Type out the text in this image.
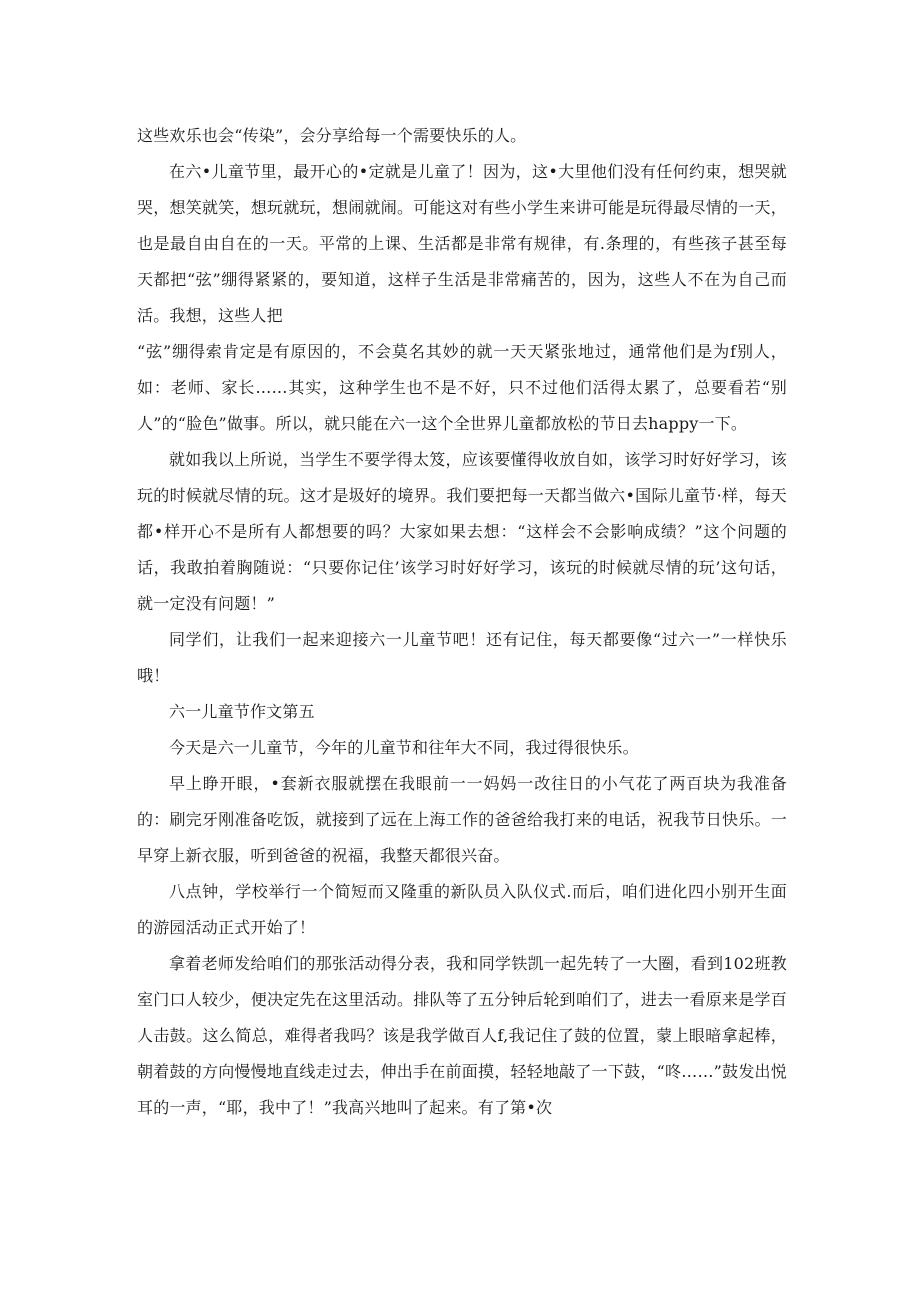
这些欢乐也会“传染”，会分享给每一个需要快乐的人。

在六•儿童节里，最开心的•定就是儿童了！因为，这•大里他们没有任何约束，想哭就哭，想笑就笑，想玩就玩，想闹就闹。可能这对有些小学生来讲可能是玩得最尽情的一天，也是最自由自在的一天。平常的上课、生活都是非常有规律，有.条理的，有些孩子甚至每天都把“弦”绷得紧紧的，要知道，这样子生活是非常痛苦的，因为，这些人不在为自己而活。我想，这些人把

“弦”绷得索肯定是有原因的，不会莫名其妙的就一天天紧张地过，通常他们是为f别人，如：老师、家长……其实，这种学生也不是不好，只不过他们活得太累了，总要看若“别人”的“脸色”做事。所以，就只能在六一这个全世界儿童都放松的节日去happy一下。

就如我以上所说，当学生不要学得太笈，应该要懂得收放自如，该学习时好好学习，该玩的时候就尽情的玩。这才是圾好的境界。我们要把每一天都当做六•国际儿童节·样，每天都•样开心不是所有人都想要的吗？大家如果去想：“这样会不会影响成绩？”这个问题的话，我敢拍着胸随说：“只要你记住’该学习时好好学习，该玩的时候就尽情的玩’这句话，就一定没有问题！”

同学们，让我们一起来迎接六一儿童节吧！还有记住，每天都要像“过六一”一样快乐哦！

六一儿童节作文第五

今天是六一儿童节，今年的儿童节和往年大不同，我过得很快乐。

早上睁开眼，•套新衣服就摆在我眼前一一妈妈一改往日的小气花了两百块为我准备的：刷完牙刚准备吃饭，就接到了远在上海工作的爸爸给我打来的电话，祝我节日快乐。一早穿上新衣服，听到爸爸的祝福，我整天都很兴奋。

八点钟，学校举行一个简短而又隆重的新队员入队仪式.而后，咱们进化四小别开生面的游园活动正式开始了！

拿着老师发给咱们的那张活动得分表，我和同学铁凯一起先转了一大圈，看到102班教室门口人较少，便决定先在这里活动。排队等了五分钟后轮到咱们了，进去一看原来是学百人击鼓。这么简总，难得者我吗？该是我学做百人f,我记住了鼓的位置，蒙上眼暗拿起棒，朝着鼓的方向慢慢地直线走过去，伸出手在前面摸，轻轻地敲了一下鼓，“咚……”鼓发出悦耳的一声，“耶，我中了！”我高兴地叫了起来。有了第•次
